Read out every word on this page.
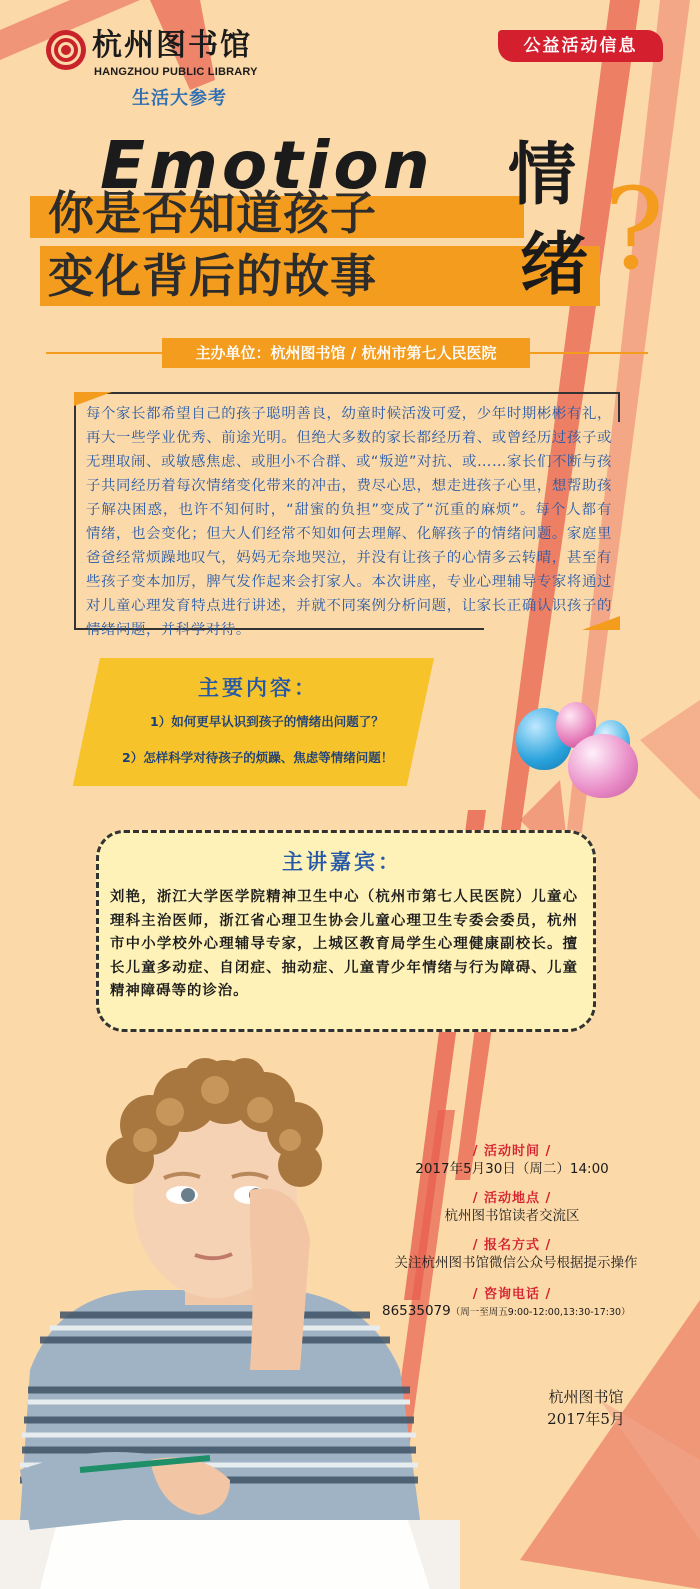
杭州图书馆
HANGZHOU PUBLIC LIBRARY
生活大参考
公益活动信息
Emotion
你是否知道孩子
变化背后的故事
情
绪 ?
主办单位：杭州图书馆 / 杭州市第七人民医院
每个家长都希望自己的孩子聪明善良，幼童时候活泼可爱，少年时期彬彬有礼，再大一些学业优秀、前途光明。但绝大多数的家长都经历着、或曾经历过孩子或无理取闹、或敏感焦虑、或胆小不合群、或“叛逆”对抗、或……家长们不断与孩子共同经历着每次情绪变化带来的冲击，费尽心思，想走进孩子心里，想帮助孩子解决困惑，也许不知何时，“甜蜜的负担”变成了“沉重的麻烦”。每个人都有情绪，也会变化；但大人们经常不知如何去理解、化解孩子的情绪问题。家庭里爸爸经常烦躁地叹气，妈妈无奈地哭泣，并没有让孩子的心情多云转晴，甚至有些孩子变本加厉，脾气发作起来会打家人。本次讲座，专业心理辅导专家将通过对儿童心理发育特点进行讲述，并就不同案例分析问题，让家长正确认识孩子的情绪问题，并科学对待。
主要内容：
1）如何更早认识到孩子的情绪出问题了？
2）怎样科学对待孩子的烦躁、焦虑等情绪问题！
主讲嘉宾：
刘艳，浙江大学医学院精神卫生中心（杭州市第七人民医院）儿童心理科主治医师，浙江省心理卫生协会儿童心理卫生专委会委员，杭州市中小学校外心理辅导专家，上城区教育局学生心理健康副校长。擅长儿童多动症、自闭症、抽动症、儿童青少年情绪与行为障碍、儿童精神障碍等的诊治。
/ 活动时间 /
2017年5月30日（周二）14:00
/ 活动地点 /
杭州图书馆读者交流区
/ 报名方式 /
关注杭州图书馆微信公众号根据提示操作
/ 咨询电话 /
86535079（周一至周五9:00-12:00,13:30-17:30）
杭州图书馆
2017年5月
